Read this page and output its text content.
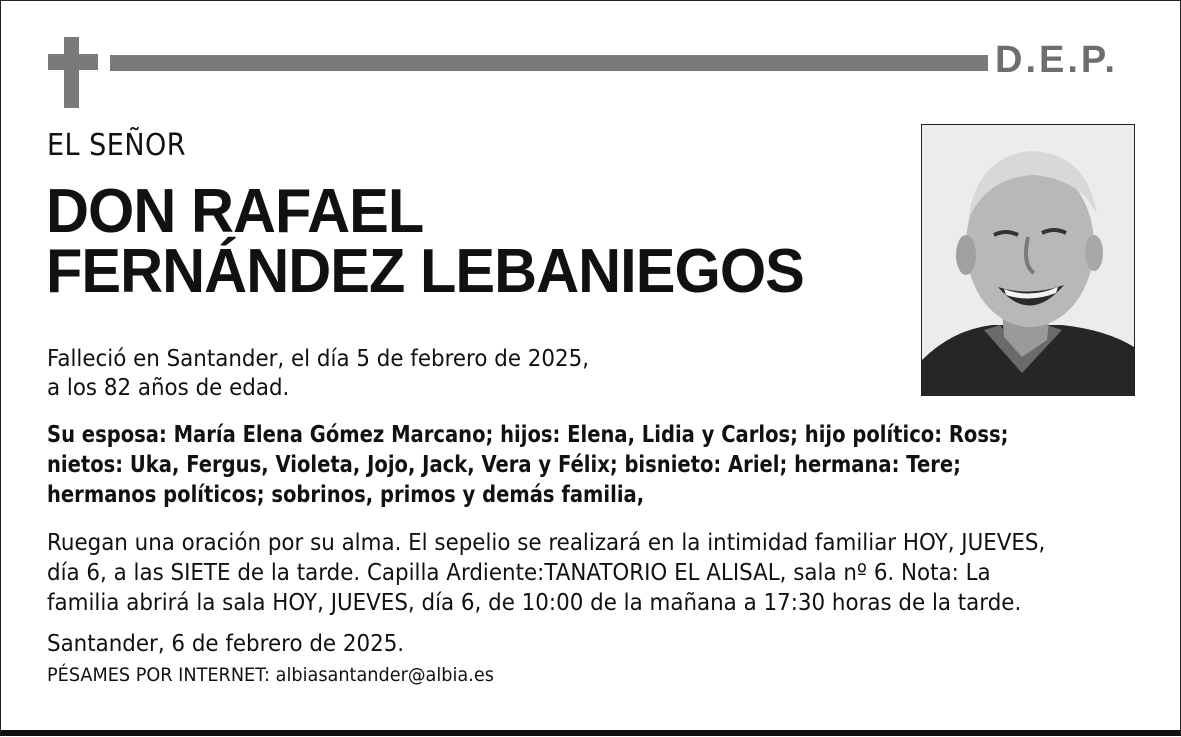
D.E.P.
EL SEÑOR
DON RAFAEL
FERNÁNDEZ LEBANIEGOS
Falleció en Santander, el día 5 de febrero de 2025,
a los 82 años de edad.
Su esposa: María Elena Gómez Marcano; hijos: Elena, Lidia y Carlos; hijo político: Ross;
nietos: Uka, Fergus, Violeta, Jojo, Jack, Vera y Félix; bisnieto: Ariel; hermana: Tere;
hermanos políticos; sobrinos, primos y demás familia,
Ruegan una oración por su alma. El sepelio se realizará en la intimidad familiar HOY, JUEVES,
día 6, a las SIETE de la tarde. Capilla Ardiente:TANATORIO EL ALISAL, sala nº 6. Nota: La
familia abrirá la sala HOY, JUEVES, día 6, de 10:00 de la mañana a 17:30 horas de la tarde.
Santander, 6 de febrero de 2025.
PÉSAMES POR INTERNET: albiasantander@albia.es
